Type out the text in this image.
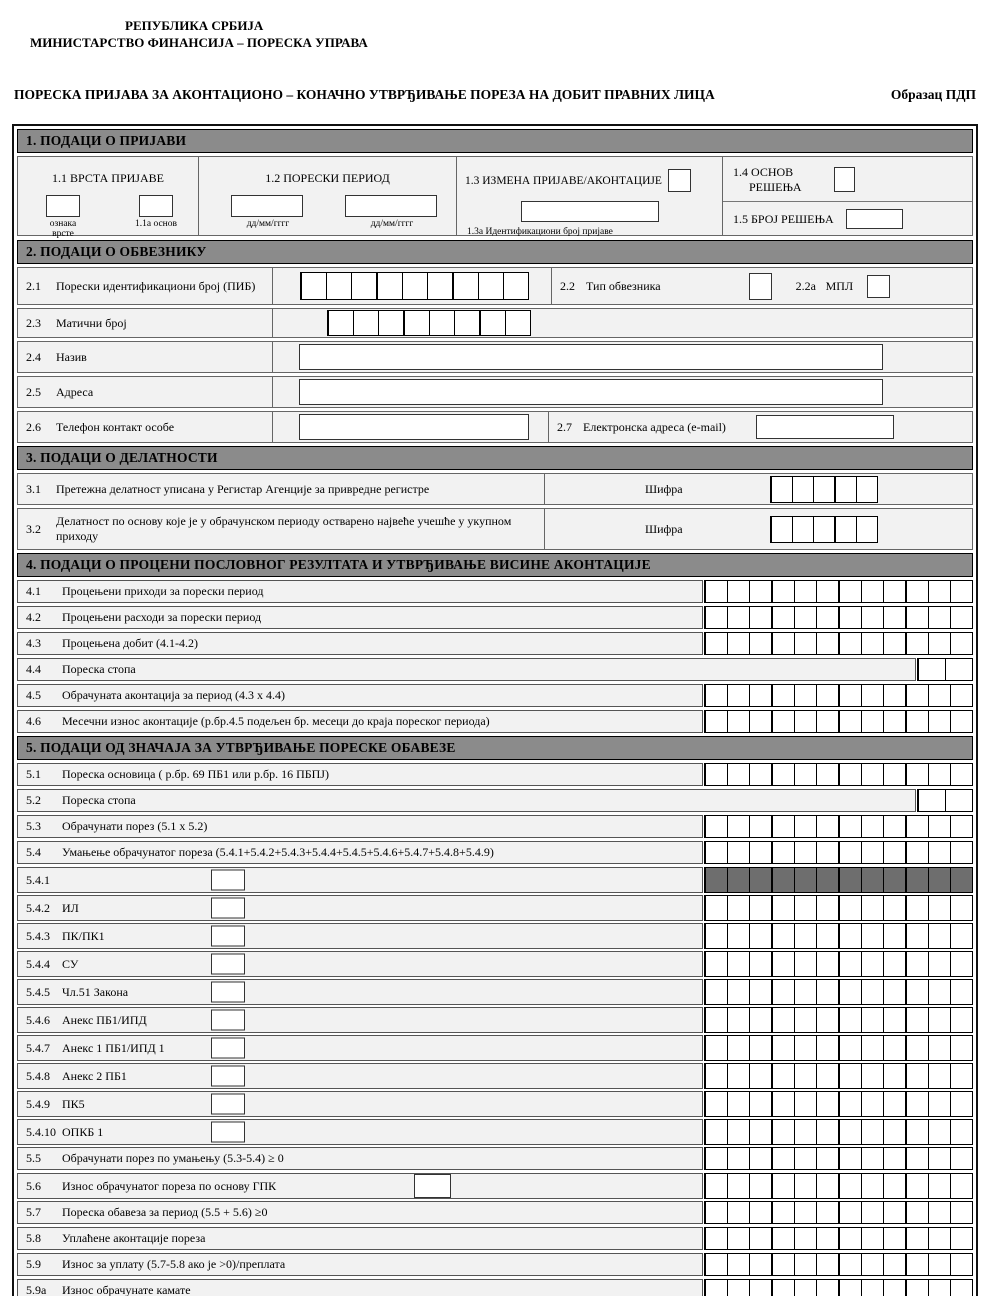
РЕПУБЛИКА СРБИЈА
МИНИСТАРСТВО ФИНАНСИЈА – ПОРЕСКА УПРАВА
ПОРЕСКА ПРИЈАВА ЗА АКОНТАЦИОНО – КОНАЧНО УТВРЂИВАЊЕ ПОРЕЗА НА ДОБИТ ПРАВНИХ ЛИЦА	Образац ПДП
1. ПОДАЦИ О ПРИЈАВИ
1.1 ВРСТА ПРИЈАВЕ
ознака врсте
1.1а основ
1.2 ПОРЕСКИ ПЕРИОД
дд/мм/гггг	дд/мм/гггг
1.3 ИЗМЕНА ПРИЈАВЕ/АКОНТАЦИЈЕ
1.3а Идентификациони број пријаве
1.4 ОСНОВ
РЕШЕЊА
1.5 БРОЈ РЕШЕЊА
2. ПОДАЦИ О ОБВЕЗНИКУ
2.1	Порески идентификациони број (ПИБ)	2.2 Тип обвезника	2.2а МПЛ
2.3	Матични број
2.4	Назив
2.5	Адреса
2.6	Телефон контакт особе	2.7 Електронска адреса (e-mail)
3. ПОДАЦИ О ДЕЛАТНОСТИ
3.1	Претежна делатност уписана у Регистар Агенције за привредне регистре	Шифра
3.2
Делатност по основу које је у обрачунском периоду остварено највеће учешће у укупном приходу
Шифра
4. ПОДАЦИ О ПРОЦЕНИ ПОСЛОВНОГ РЕЗУЛТАТА И УТВРЂИВАЊЕ ВИСИНЕ АКОНТАЦИЈЕ
4.1	Процењени приходи за порески период
4.2	Процењени расходи за порески период
4.3	Процењена добит (4.1-4.2)
4.4	Пореска стопа
4.5	Обрачуната аконтација за период (4.3 х 4.4)
4.6	Месечни износ аконтације (р.бр.4.5 подељен бр. месеци до краја пореског периода)
5. ПОДАЦИ ОД ЗНАЧАЈА ЗА УТВРЂИВАЊЕ ПОРЕСКЕ ОБАВЕЗЕ
5.1	Пореска основица ( р.бр. 69 ПБ1 или р.бр. 16 ПБПЈ)
5.2	Пореска стопа
5.3	Обрачунати порез (5.1 х 5.2)
5.4	Умањење обрачунатог пореза (5.4.1+5.4.2+5.4.3+5.4.4+5.4.5+5.4.6+5.4.7+5.4.8+5.4.9)
5.4.1
5.4.2	ИЛ
5.4.3	ПК/ПК1
5.4.4	СУ
5.4.5	Чл.51 Закона
5.4.6	Анекс ПБ1/ИПД
5.4.7	Анекс 1 ПБ1/ИПД 1
5.4.8	Анекс 2 ПБ1
5.4.9	ПК5
5.4.10 ОПКБ 1
5.5	Обрачунати порез по умањењу (5.3-5.4) ≥ 0
5.6	Износ обрачунатог пореза по основу ГПК
5.7	Пореска обавеза за период (5.5 + 5.6) ≥0
5.8	Уплаћене аконтације пореза
5.9	Износ за уплату (5.7-5.8 ако је >0)/преплата
5.9а	Износ обрачунате камате
